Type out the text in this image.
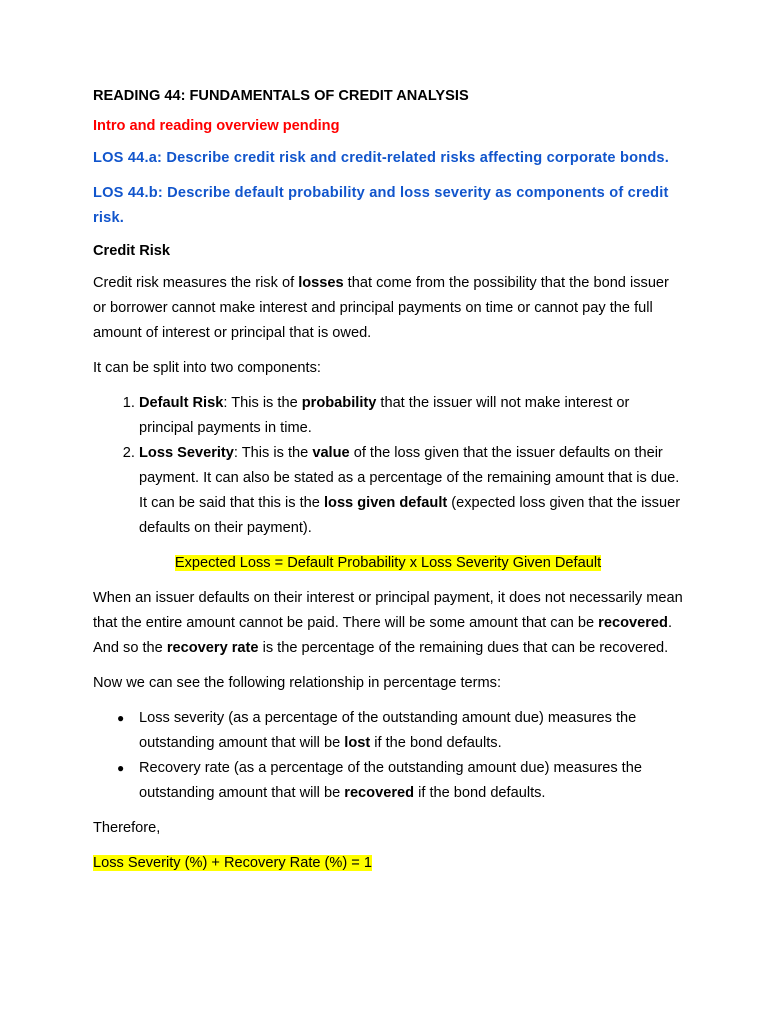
READING 44: FUNDAMENTALS OF CREDIT ANALYSIS
Intro and reading overview pending
LOS 44.a: Describe credit risk and credit-related risks affecting corporate bonds.
LOS 44.b: Describe default probability and loss severity as components of credit risk.
Credit Risk

Credit risk measures the risk of losses that come from the possibility that the bond issuer or borrower cannot make interest and principal payments on time or cannot pay the full amount of interest or principal that is owed.

It can be split into two components:

1. Default Risk: This is the probability that the issuer will not make interest or principal payments in time.
2. Loss Severity: This is the value of the loss given that the issuer defaults on their payment. It can also be stated as a percentage of the remaining amount that is due. It can be said that this is the loss given default (expected loss given that the issuer defaults on their payment).
Expected Loss = Default Probability x Loss Severity Given Default

When an issuer defaults on their interest or principal payment, it does not necessarily mean that the entire amount cannot be paid. There will be some amount that can be recovered. And so the recovery rate is the percentage of the remaining dues that can be recovered.

Now we can see the following relationship in percentage terms:

● Loss severity (as a percentage of the outstanding amount due) measures the outstanding amount that will be lost if the bond defaults.
● Recovery rate (as a percentage of the outstanding amount due) measures the outstanding amount that will be recovered if the bond defaults.

Therefore,

Loss Severity (%) + Recovery Rate (%) = 1
